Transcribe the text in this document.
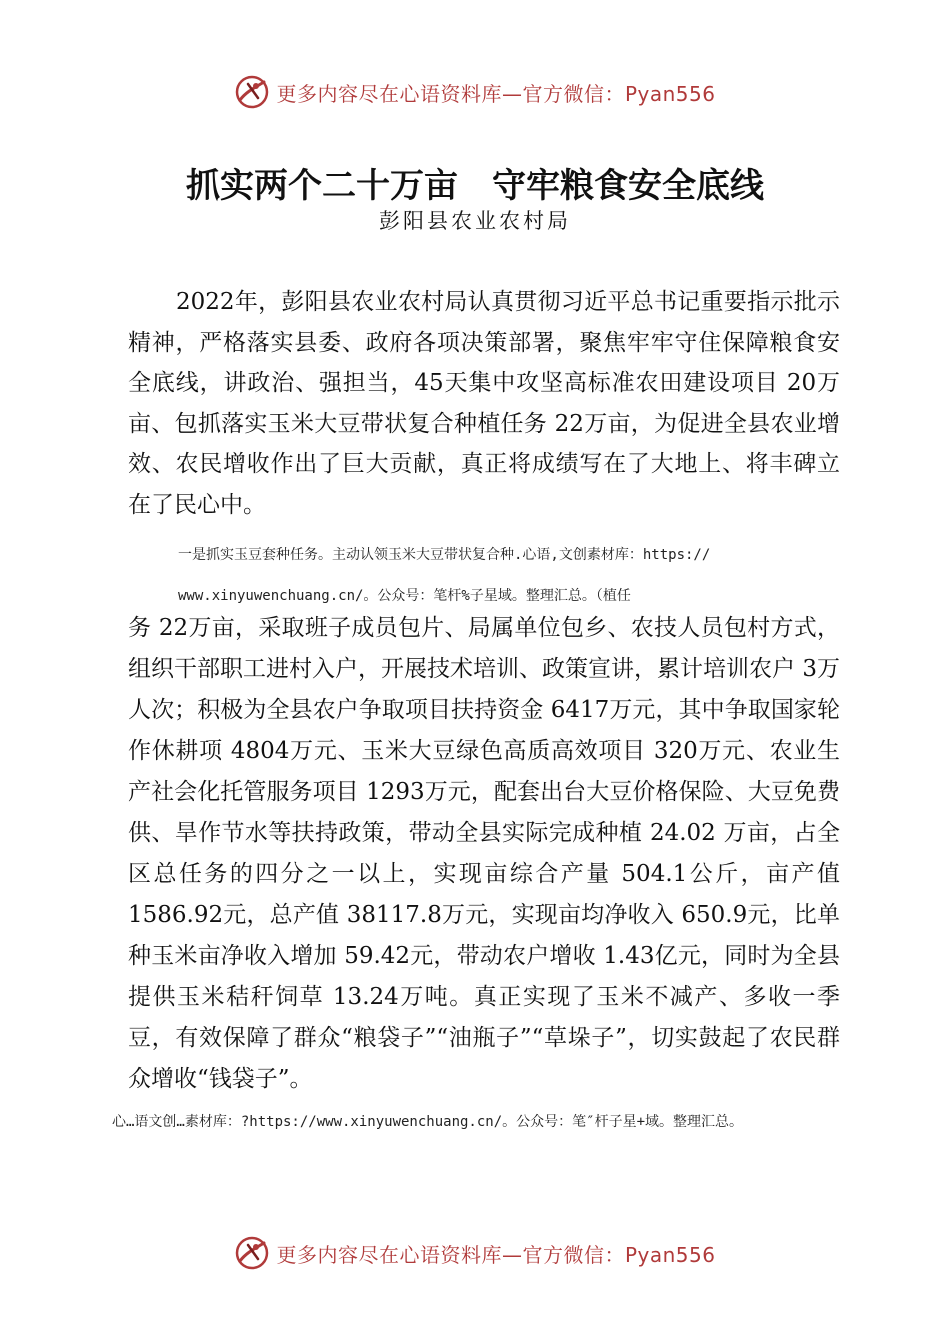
更多内容尽在心语资料库—官方微信：Pyan556
抓实两个二十万亩　守牢粮食安全底线
彭阳县农业农村局

2022年，彭阳县农业农村局认真贯彻习近平总书记重要指示批示精神，严格落实县委、政府各项决策部署，聚焦牢牢守住保障粮食安全底线，讲政治、强担当，45天集中攻坚高标准农田建设项目 20万亩、包抓落实玉米大豆带状复合种植任务 22万亩，为促进全县农业增效、农民增收作出了巨大贡献，真正将成绩写在了大地上、将丰碑立在了民心中。

一是抓实玉豆套种任务。主动认领玉米大豆带状复合种.心语,文创素材库：https://
www.xinyuwenchuang.cn/。公众号：笔杆%子星域。整理汇总。（植任

务 22万亩，采取班子成员包片、局属单位包乡、农技人员包村方式，组织干部职工进村入户，开展技术培训、政策宣讲，累计培训农户 3万人次；积极为全县农户争取项目扶持资金 6417万元，其中争取国家轮作休耕项 4804万元、玉米大豆绿色高质高效项目 320万元、农业生产社会化托管服务项目 1293万元，配套出台大豆价格保险、大豆免费供、旱作节水等扶持政策，带动全县实际完成种植 24.02 万亩，占全区总任务的四分之一以上，实现亩综合产量 504.1公斤，亩产值 1586.92元，总产值 38117.8万元，实现亩均净收入 650.9元，比单种玉米亩净收入增加 59.42元，带动农户增收 1.43亿元，同时为全县提供玉米秸秆饲草 13.24万吨。真正实现了玉米不减产、多收一季豆，有效保障了群众“粮袋子”“油瓶子”“草垛子”，切实鼓起了农民群众增收“钱袋子”。

心…语文创…素材库：?https://www.xinyuwenchuang.cn/。公众号：笔″杆子星+域。整理汇总。
更多内容尽在心语资料库—官方微信：Pyan556
